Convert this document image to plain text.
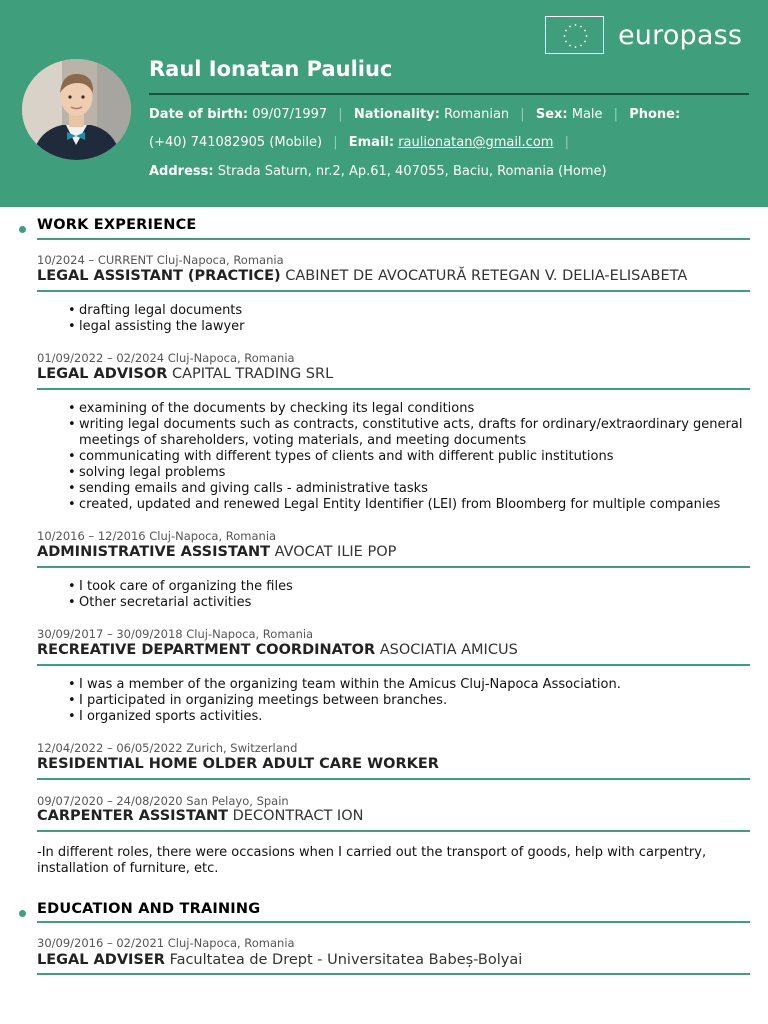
europass
Raul Ionatan Pauliuc
Date of birth: 09/07/1997 | Nationality: Romanian | Sex: Male | Phone:
(+40) 741082905 (Mobile) | Email: raulionatan@gmail.com |
Address: Strada Saturn, nr.2, Ap.61, 407055, Baciu, Romania (Home)
WORK EXPERIENCE
10/2024 – CURRENT Cluj-Napoca, Romania
LEGAL ASSISTANT (PRACTICE) CABINET DE AVOCATURĂ RETEGAN V. DELIA-ELISABETA
• drafting legal documents
• legal assisting the lawyer
01/09/2022 – 02/2024 Cluj-Napoca, Romania
LEGAL ADVISOR CAPITAL TRADING SRL
• examining of the documents by checking its legal conditions
• writing legal documents such as contracts, constitutive acts, drafts for ordinary/extraordinary general meetings of shareholders, voting materials, and meeting documents
• communicating with different types of clients and with different public institutions
• solving legal problems
• sending emails and giving calls - administrative tasks
• created, updated and renewed Legal Entity Identifier (LEI) from Bloomberg for multiple companies
10/2016 – 12/2016 Cluj-Napoca, Romania
ADMINISTRATIVE ASSISTANT AVOCAT ILIE POP
• I took care of organizing the files
• Other secretarial activities
30/09/2017 – 30/09/2018 Cluj-Napoca, Romania
RECREATIVE DEPARTMENT COORDINATOR ASOCIATIA AMICUS
• I was a member of the organizing team within the Amicus Cluj-Napoca Association.
• I participated in organizing meetings between branches.
• I organized sports activities.
12/04/2022 – 06/05/2022 Zurich, Switzerland
RESIDENTIAL HOME OLDER ADULT CARE WORKER
09/07/2020 – 24/08/2020 San Pelayo, Spain
CARPENTER ASSISTANT DECONTRACT ION
-In different roles, there were occasions when I carried out the transport of goods, help with carpentry, installation of furniture, etc.
EDUCATION AND TRAINING
30/09/2016 – 02/2021 Cluj-Napoca, Romania
LEGAL ADVISER Facultatea de Drept - Universitatea Babeș-Bolyai
